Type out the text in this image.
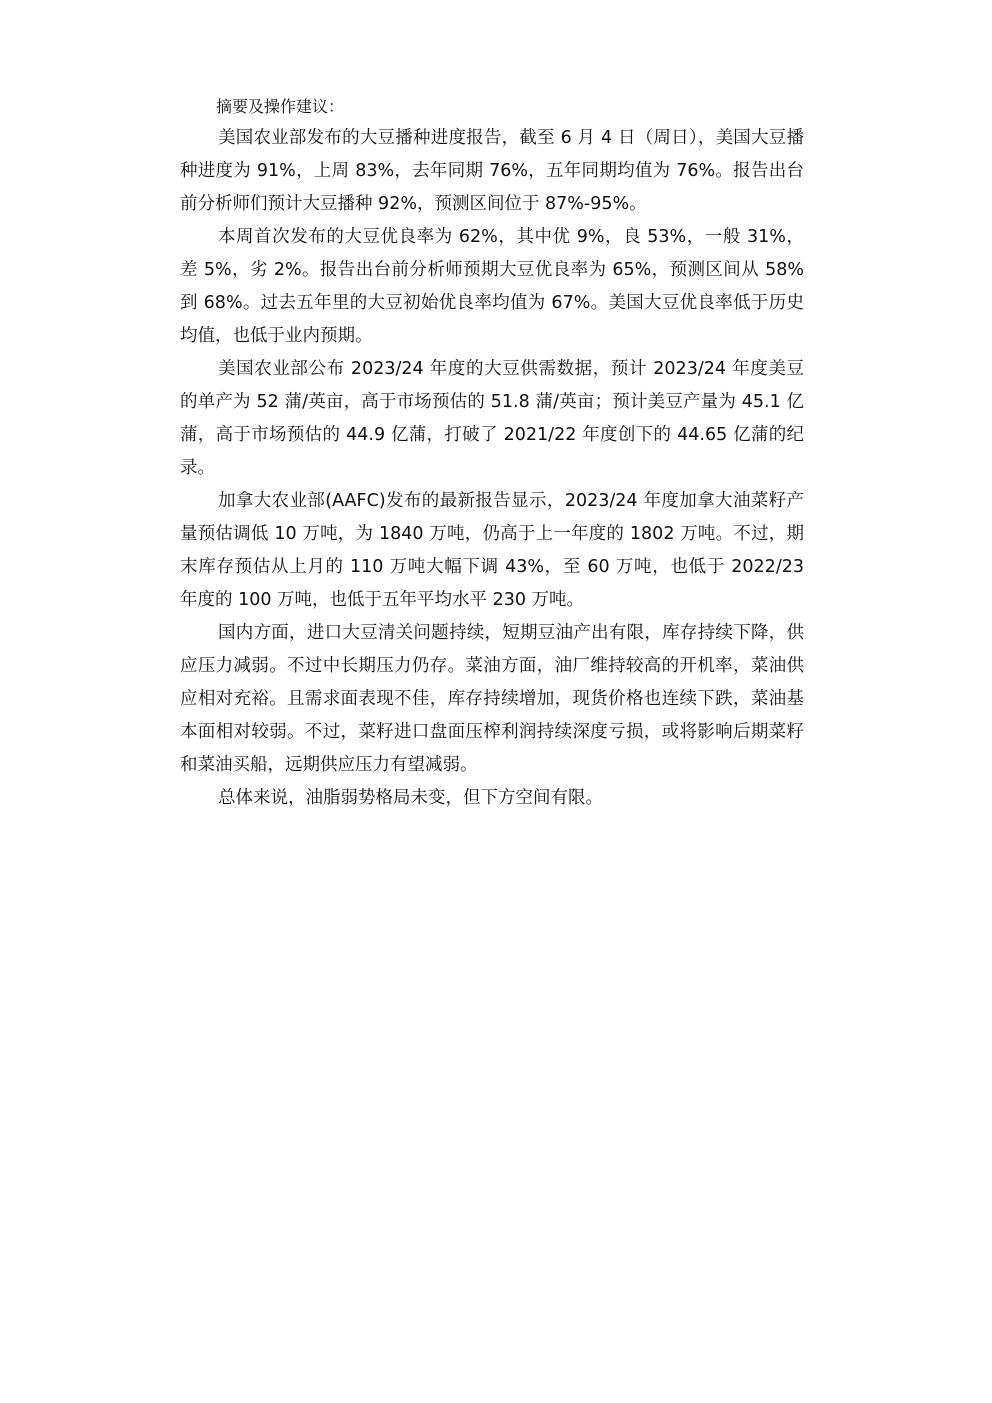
摘要及操作建议：

美国农业部发布的大豆播种进度报告，截至 6 月 4 日（周日），美国大豆播种进度为 91%，上周 83%，去年同期 76%，五年同期均值为 76%。报告出台前分析师们预计大豆播种 92%，预测区间位于 87%-95%。

本周首次发布的大豆优良率为 62%，其中优 9%，良 53%，一般 31%，差 5%，劣 2%。报告出台前分析师预期大豆优良率为 65%，预测区间从 58%到 68%。过去五年里的大豆初始优良率均值为 67%。美国大豆优良率低于历史均值，也低于业内预期。

美国农业部公布 2023/24 年度的大豆供需数据，预计 2023/24 年度美豆的单产为 52 蒲/英亩，高于市场预估的 51.8 蒲/英亩；预计美豆产量为 45.1 亿蒲，高于市场预估的 44.9 亿蒲，打破了 2021/22 年度创下的 44.65 亿蒲的纪录。

加拿大农业部(AAFC)发布的最新报告显示，2023/24 年度加拿大油菜籽产量预估调低 10 万吨，为 1840 万吨，仍高于上一年度的 1802 万吨。不过，期末库存预估从上月的 110 万吨大幅下调 43%，至 60 万吨，也低于 2022/23 年度的 100 万吨，也低于五年平均水平 230 万吨。

国内方面，进口大豆清关问题持续，短期豆油产出有限，库存持续下降，供应压力减弱。不过中长期压力仍存。菜油方面，油厂维持较高的开机率，菜油供应相对充裕。且需求面表现不佳，库存持续增加，现货价格也连续下跌，菜油基本面相对较弱。不过，菜籽进口盘面压榨利润持续深度亏损，或将影响后期菜籽和菜油买船，远期供应压力有望减弱。

总体来说，油脂弱势格局未变，但下方空间有限。
